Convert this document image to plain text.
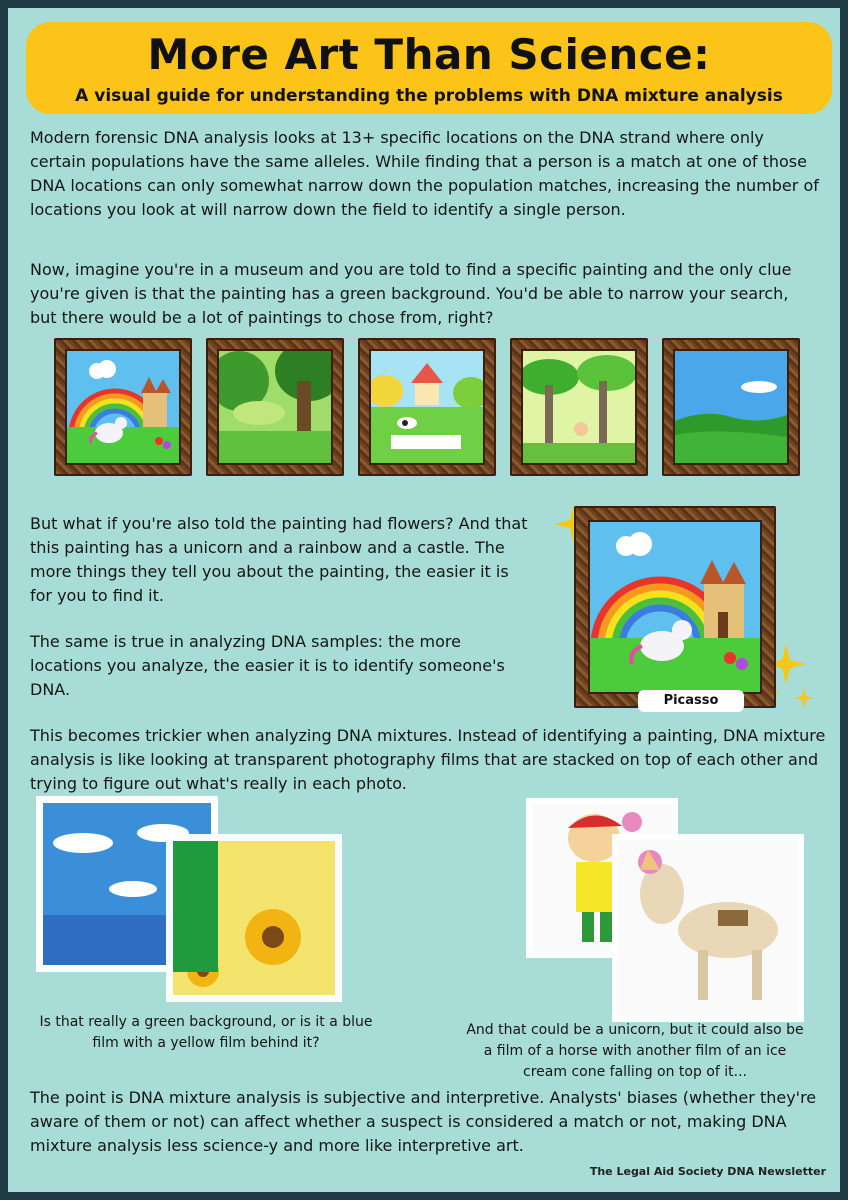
More Art Than Science:
A visual guide for understanding the problems with DNA mixture analysis
Modern forensic DNA analysis looks at 13+ specific locations on the DNA strand where only certain populations have the same alleles. While finding that a person is a match at one of those DNA locations can only somewhat narrow down the population matches, increasing the number of locations you look at will narrow down the field to identify a single person.
Now, imagine you're in a museum and you are told to find a specific painting and the only clue you're given is that the painting has a green background. You'd be able to narrow your search, but there would be a lot of paintings to chose from, right?
But what if you're also told the painting had flowers? And that this painting has a unicorn and a rainbow and a castle. The more things they tell you about the painting, the easier it is for you to find it.
The same is true in analyzing DNA samples: the more locations you analyze, the easier it is to identify someone's DNA.
Picasso
This becomes trickier when analyzing DNA mixtures. Instead of identifying a painting, DNA mixture analysis is like looking at transparent photography films that are stacked on top of each other and trying to figure out what's really in each photo.
Is that really a green background, or is it a blue film with a yellow film behind it?
And that could be a unicorn, but it could also be a film of a horse with another film of an ice cream cone falling on top of it...
The point is DNA mixture analysis is subjective and interpretive. Analysts' biases (whether they're aware of them or not) can affect whether a suspect is considered a match or not, making DNA mixture analysis less science-y and more like interpretive art.
The Legal Aid Society DNA Newsletter
